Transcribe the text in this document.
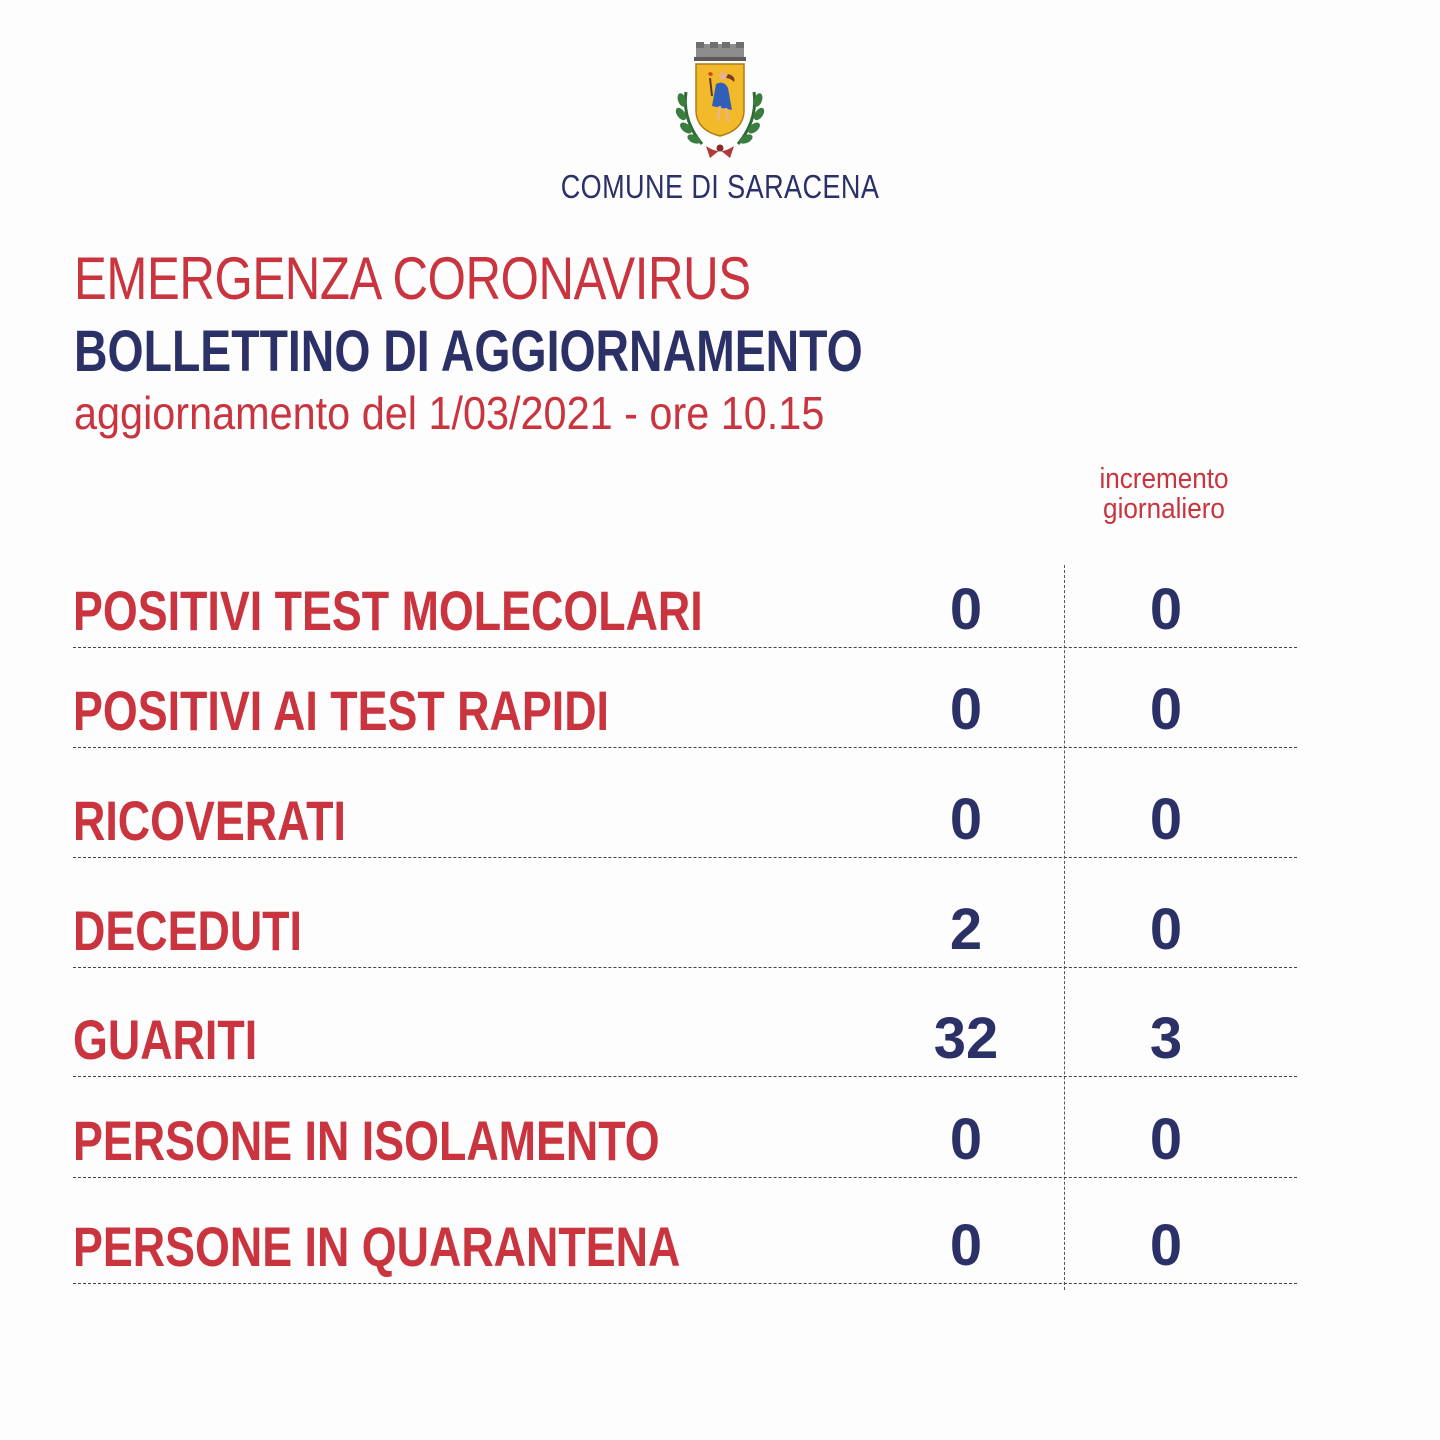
COMUNE DI SARACENA
EMERGENZA CORONAVIRUS
BOLLETTINO DI AGGIORNAMENTO
aggiornamento del 1/03/2021 - ore 10.15
incremento
giornaliero
POSITIVI TEST MOLECOLARI	0	0
POSITIVI AI TEST RAPIDI	0	0
RICOVERATI	0	0
DECEDUTI	2	0
GUARITI	32	3
PERSONE IN ISOLAMENTO	0	0
PERSONE IN QUARANTENA	0	0
